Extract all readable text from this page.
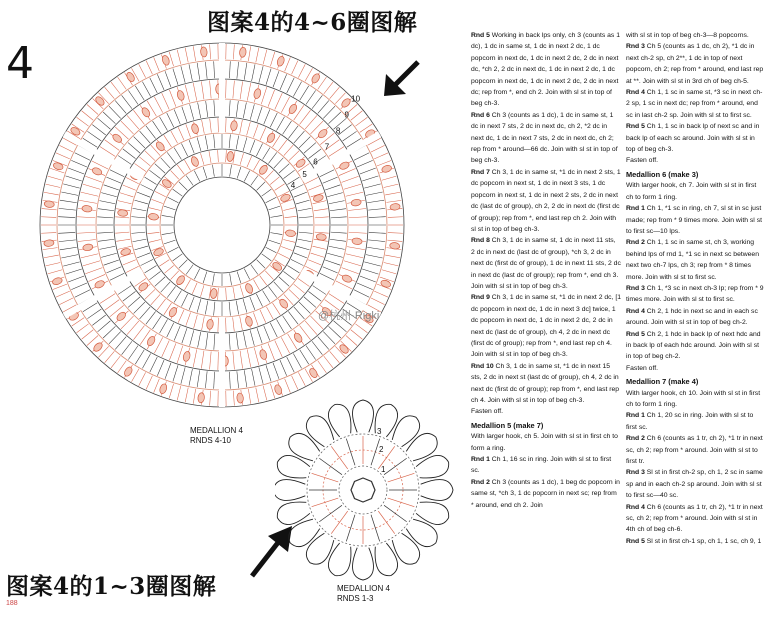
图案4的4~6圈图解
4
图案4的1~3圈图解
10
9
8
7
6
5
4
3
2
1
MEDALLION 4
RNDS 4-10
MEDALLION 4
RNDS 1-3
188
@杭州·Rigki

Rnd 5 Working in back lps only, ch 3 (counts as 1 dc), 1 dc in same st, 1 dc in next 2 dc, 1 dc popcorn in next dc, 1 dc in next 2 dc, 2 dc in next dc, *ch 2, 2 dc in next dc, 1 dc in next 2 dc, 1 dc popcorn in next dc, 1 dc in next 2 dc, 2 dc in next dc; rep from *, end ch 2. Join with sl st in top of beg ch-3.

Rnd 6 Ch 3 (counts as 1 dc), 1 dc in same st, 1 dc in next 7 sts, 2 dc in next dc, ch 2, *2 dc in next dc, 1 dc in next 7 sts, 2 dc in next dc, ch 2; rep from * around—66 dc. Join with sl st in top of beg ch-3.

Rnd 7 Ch 3, 1 dc in same st, *1 dc in next 2 sts, 1 dc popcorn in next st, 1 dc in next 3 sts, 1 dc popcorn in next st, 1 dc in next 2 sts, 2 dc in next dc (last dc of group), ch 2, 2 dc in next dc (first dc of group); rep from *, end last rep ch 2. Join with sl st in top of beg ch-3.

Rnd 8 Ch 3, 1 dc in same st, 1 dc in next 11 sts, 2 dc in next dc (last dc of group), *ch 3, 2 dc in next dc (first dc of group), 1 dc in next 11 sts, 2 dc in next dc (last dc of group); rep from *, end ch 3. Join with sl st in top of beg ch-3.

Rnd 9 Ch 3, 1 dc in same st, *1 dc in next 2 dc, [1 dc popcorn in next dc, 1 dc in next 3 dc] twice, 1 dc popcorn in next dc, 1 dc in next 2 dc, 2 dc in next dc (last dc of group), ch 4, 2 dc in next dc (first dc of group); rep from *, end last rep ch 4. Join with sl st in top of beg ch-3.

Rnd 10 Ch 3, 1 dc in same st, *1 dc in next 15 sts, 2 dc in next st (last dc of group), ch 4, 2 dc in next dc (first dc of group); rep from *, end last rep ch 4. Join with sl st in top of beg ch-3.

Fasten off.

Medallion 5 (make 7)

With larger hook, ch 5. Join with sl st in first ch to form a ring.

Rnd 1 Ch 1, 16 sc in ring. Join with sl st to first sc.

Rnd 2 Ch 3 (counts as 1 dc), 1 beg dc popcorn in same st, *ch 3, 1 dc popcorn in next sc; rep from * around, end ch 2. Join

with sl st in top of beg ch-3—8 popcorns.

Rnd 3 Ch 5 (counts as 1 dc, ch 2), *1 dc in next ch-2 sp, ch 2**, 1 dc in top of next popcorn, ch 2; rep from * around, end last rep at **. Join with sl st in 3rd ch of beg ch-5.

Rnd 4 Ch 1, 1 sc in same st, *3 sc in next ch-2 sp, 1 sc in next dc; rep from * around, end sc in last ch-2 sp. Join with sl st to first sc.

Rnd 5 Ch 1, 1 sc in back lp of next sc and in back lp of each sc around. Join with sl st in top of beg ch-3.

Fasten off.

Medallion 6 (make 3)

With larger hook, ch 7. Join with sl st in first ch to form 1 ring.

Rnd 1 Ch 1, *1 sc in ring, ch 7, sl st in sc just made; rep from * 9 times more. Join with sl st to first sc—10 lps.

Rnd 2 Ch 1, 1 sc in same st, ch 3, working behind lps of rnd 1, *1 sc in next sc between next two ch-7 lps, ch 3; rep from * 8 times more. Join with sl st to first sc.

Rnd 3 Ch 1, *3 sc in next ch-3 lp; rep from * 9 times more. Join with sl st to first sc.

Rnd 4 Ch 2, 1 hdc in next sc and in each sc around. Join with sl st in top of beg ch-2.

Rnd 5 Ch 2, 1 hdc in back lp of next hdc and in back lp of each hdc around. Join with sl st in top of beg ch-2.

Fasten off.

Medallion 7 (make 4)

With larger hook, ch 10. Join with sl st in first ch to form 1 ring.

Rnd 1 Ch 1, 20 sc in ring. Join with sl st to first sc.

Rnd 2 Ch 6 (counts as 1 tr, ch 2), *1 tr in next sc, ch 2; rep from * around. Join with sl st to first tr.

Rnd 3 Sl st in first ch-2 sp, ch 1, 2 sc in same sp and in each ch-2 sp around. Join with sl st to first sc—40 sc.

Rnd 4 Ch 6 (counts as 1 tr, ch 2), *1 tr in next sc, ch 2; rep from * around. Join with sl st in 4th ch of beg ch-6.

Rnd 5 Sl st in first ch-1 sp, ch 1, 1 sc, ch 9, 1
